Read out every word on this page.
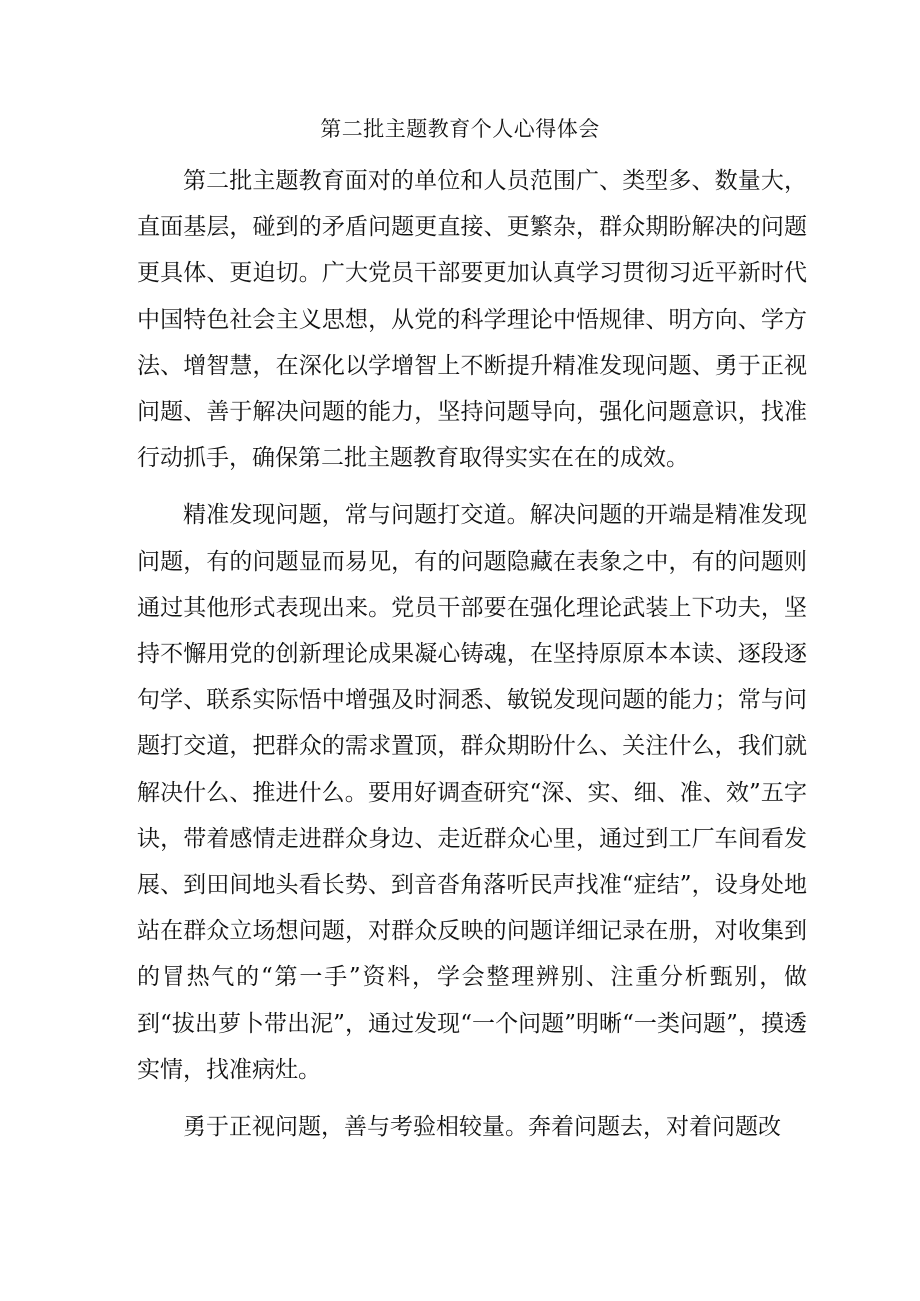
第二批主题教育个人心得体会

第二批主题教育面对的单位和人员范围广、类型多、数量大，直面基层，碰到的矛盾问题更直接、更繁杂，群众期盼解决的问题更具体、更迫切。广大党员干部要更加认真学习贯彻习近平新时代中国特色社会主义思想，从党的科学理论中悟规律、明方向、学方法、增智慧，在深化以学增智上不断提升精准发现问题、勇于正视问题、善于解决问题的能力，坚持问题导向，强化问题意识，找准行动抓手，确保第二批主题教育取得实实在在的成效。

精准发现问题，常与问题打交道。解决问题的开端是精准发现问题，有的问题显而易见，有的问题隐藏在表象之中，有的问题则通过其他形式表现出来。党员干部要在强化理论武装上下功夫，坚持不懈用党的创新理论成果凝心铸魂，在坚持原原本本读、逐段逐句学、联系实际悟中增强及时洞悉、敏锐发现问题的能力；常与问题打交道，把群众的需求置顶，群众期盼什么、关注什么，我们就解决什么、推进什么。要用好调查研究“深、实、细、准、效”五字诀，带着感情走进群众身边、走近群众心里，通过到工厂车间看发展、到田间地头看长势、到音沓角落听民声找准“症结”，设身处地站在群众立场想问题，对群众反映的问题详细记录在册，对收集到的冒热气的“第一手”资料，学会整理辨别、注重分析甄别，做到“拔出萝卜带出泥”，通过发现“一个问题”明晰“一类问题”，摸透实情，找准病灶。

勇于正视问题，善与考验相较量。奔着问题去，对着问题改
